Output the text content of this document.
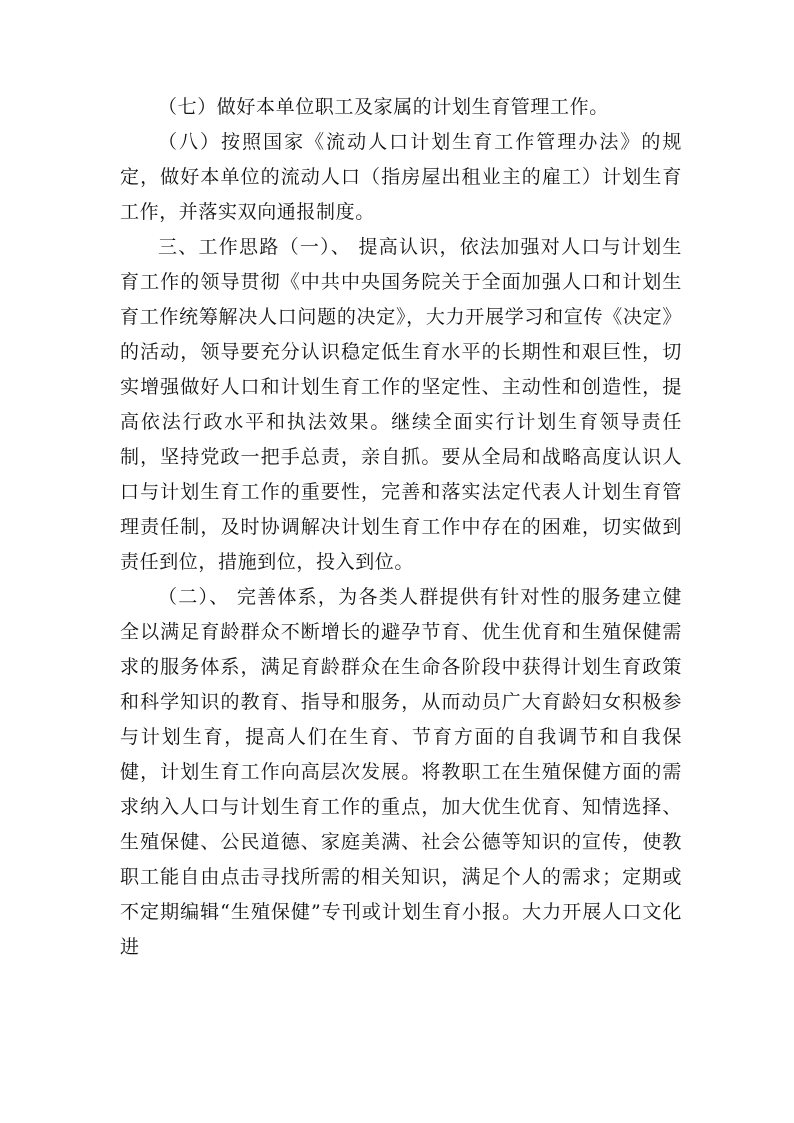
（七）做好本单位职工及家属的计划生育管理工作。

（八）按照国家《流动人口计划生育工作管理办法》的规定，做好本单位的流动人口（指房屋出租业主的雇工）计划生育工作，并落实双向通报制度。

三、工作思路（一）、 提高认识，依法加强对人口与计划生育工作的领导贯彻《中共中央国务院关于全面加强人口和计划生育工作统筹解决人口问题的决定》，大力开展学习和宣传《决定》的活动，领导要充分认识稳定低生育水平的长期性和艰巨性，切实增强做好人口和计划生育工作的坚定性、主动性和创造性，提高依法行政水平和执法效果。继续全面实行计划生育领导责任制，坚持党政一把手总责，亲自抓。要从全局和战略高度认识人口与计划生育工作的重要性，完善和落实法定代表人计划生育管理责任制，及时协调解决计划生育工作中存在的困难，切实做到责任到位，措施到位，投入到位。

（二）、 完善体系，为各类人群提供有针对性的服务建立健全以满足育龄群众不断增长的避孕节育、优生优育和生殖保健需求的服务体系，满足育龄群众在生命各阶段中获得计划生育政策和科学知识的教育、指导和服务，从而动员广大育龄妇女积极参与计划生育，提高人们在生育、节育方面的自我调节和自我保健，计划生育工作向高层次发展。将教职工在生殖保健方面的需求纳入人口与计划生育工作的重点，加大优生优育、知情选择、生殖保健、公民道德、家庭美满、社会公德等知识的宣传，使教职工能自由点击寻找所需的相关知识，满足个人的需求；定期或不定期编辑“生殖保健”专刊或计划生育小报。大力开展人口文化进
